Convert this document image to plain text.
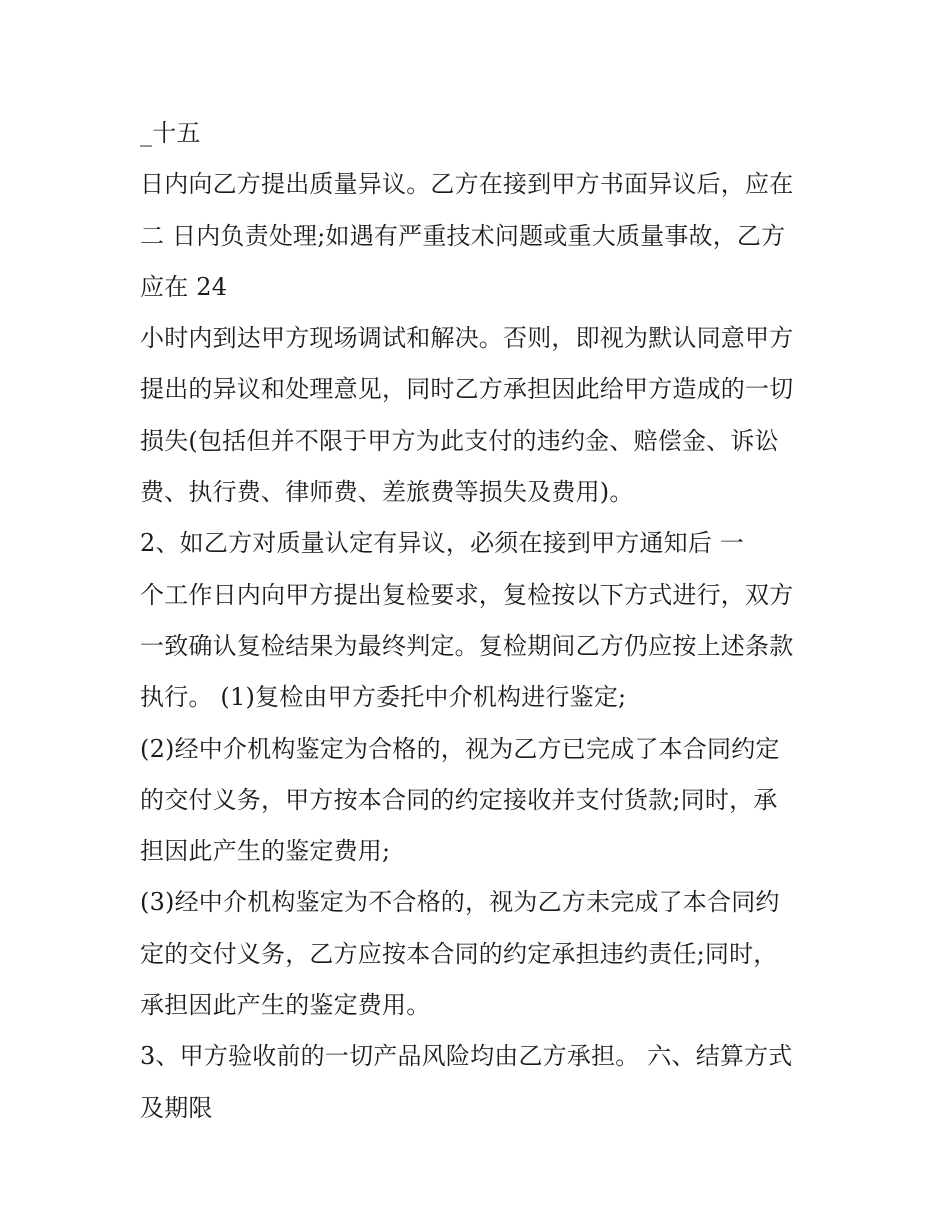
_十五
日内向乙方提出质量异议。乙方在接到甲方书面异议后，应在
二 日内负责处理;如遇有严重技术问题或重大质量事故，乙方
应在 24
小时内到达甲方现场调试和解决。否则，即视为默认同意甲方
提出的异议和处理意见，同时乙方承担因此给甲方造成的一切
损失(包括但并不限于甲方为此支付的违约金、赔偿金、诉讼
费、执行费、律师费、差旅费等损失及费用)。
2、如乙方对质量认定有异议，必须在接到甲方通知后 一
个工作日内向甲方提出复检要求，复检按以下方式进行，双方
一致确认复检结果为最终判定。复检期间乙方仍应按上述条款
执行。 (1)复检由甲方委托中介机构进行鉴定;
(2)经中介机构鉴定为合格的，视为乙方已完成了本合同约定
的交付义务，甲方按本合同的约定接收并支付货款;同时，承
担因此产生的鉴定费用;
(3)经中介机构鉴定为不合格的，视为乙方未完成了本合同约
定的交付义务，乙方应按本合同的约定承担违约责任;同时，
承担因此产生的鉴定费用。
3、甲方验收前的一切产品风险均由乙方承担。 六、结算方式
及期限
